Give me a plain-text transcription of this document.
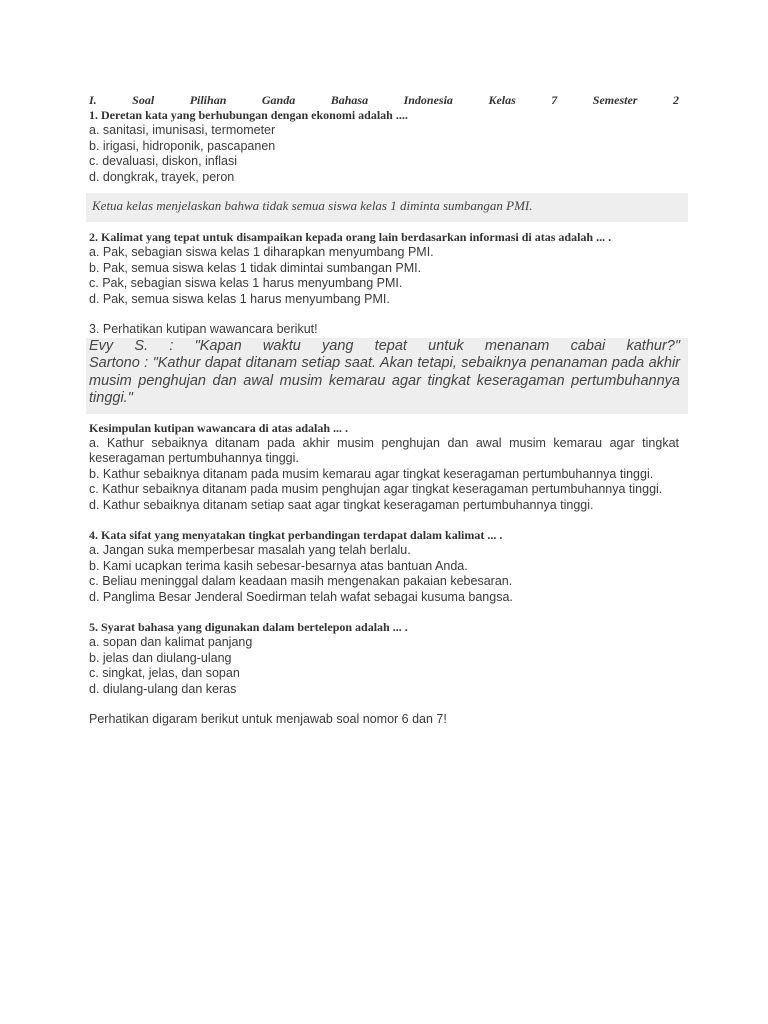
I.	Soal	Pilihan	Ganda	Bahasa	Indonesia	Kelas	7	Semester	2
1. Deretan kata yang berhubungan dengan ekonomi adalah ....
a. sanitasi, imunisasi, termometer
b. irigasi, hidroponik, pascapanen
c. devaluasi, diskon, inflasi
d. dongkrak, trayek, peron
Ketua kelas menjelaskan bahwa tidak semua siswa kelas 1 diminta sumbangan PMI.
2. Kalimat yang tepat untuk disampaikan kepada orang lain berdasarkan informasi di atas adalah ... .
a. Pak, sebagian siswa kelas 1 diharapkan menyumbang PMI.
b. Pak, semua siswa kelas 1 tidak dimintai sumbangan PMI.
c. Pak, sebagian siswa kelas 1 harus menyumbang PMI.
d. Pak, semua siswa kelas 1 harus menyumbang PMI.
3. Perhatikan kutipan wawancara berikut!
Evy S. : "Kapan waktu yang tepat untuk menanam cabai kathur?"
Sartono : "Kathur dapat ditanam setiap saat. Akan tetapi, sebaiknya penanaman pada akhir musim penghujan dan awal musim kemarau agar tingkat keseragaman pertumbuhannya tinggi."
Kesimpulan kutipan wawancara di atas adalah ... .
a. Kathur sebaiknya ditanam pada akhir musim penghujan dan awal musim kemarau agar tingkat keseragaman pertumbuhannya tinggi.
b. Kathur sebaiknya ditanam pada musim kemarau agar tingkat keseragaman pertumbuhannya tinggi.
c. Kathur sebaiknya ditanam pada musim penghujan agar tingkat keseragaman pertumbuhannya tinggi.
d. Kathur sebaiknya ditanam setiap saat agar tingkat keseragaman pertumbuhannya tinggi.
4. Kata sifat yang menyatakan tingkat perbandingan terdapat dalam kalimat ... .
a. Jangan suka memperbesar masalah yang telah berlalu.
b. Kami ucapkan terima kasih sebesar-besarnya atas bantuan Anda.
c. Beliau meninggal dalam keadaan masih mengenakan pakaian kebesaran.
d. Panglima Besar Jenderal Soedirman telah wafat sebagai kusuma bangsa.
5. Syarat bahasa yang digunakan dalam bertelepon adalah ... .
a. sopan dan kalimat panjang
b. jelas dan diulang-ulang
c. singkat, jelas, dan sopan
d. diulang-ulang dan keras
Perhatikan digaram berikut untuk menjawab soal nomor 6 dan 7!
